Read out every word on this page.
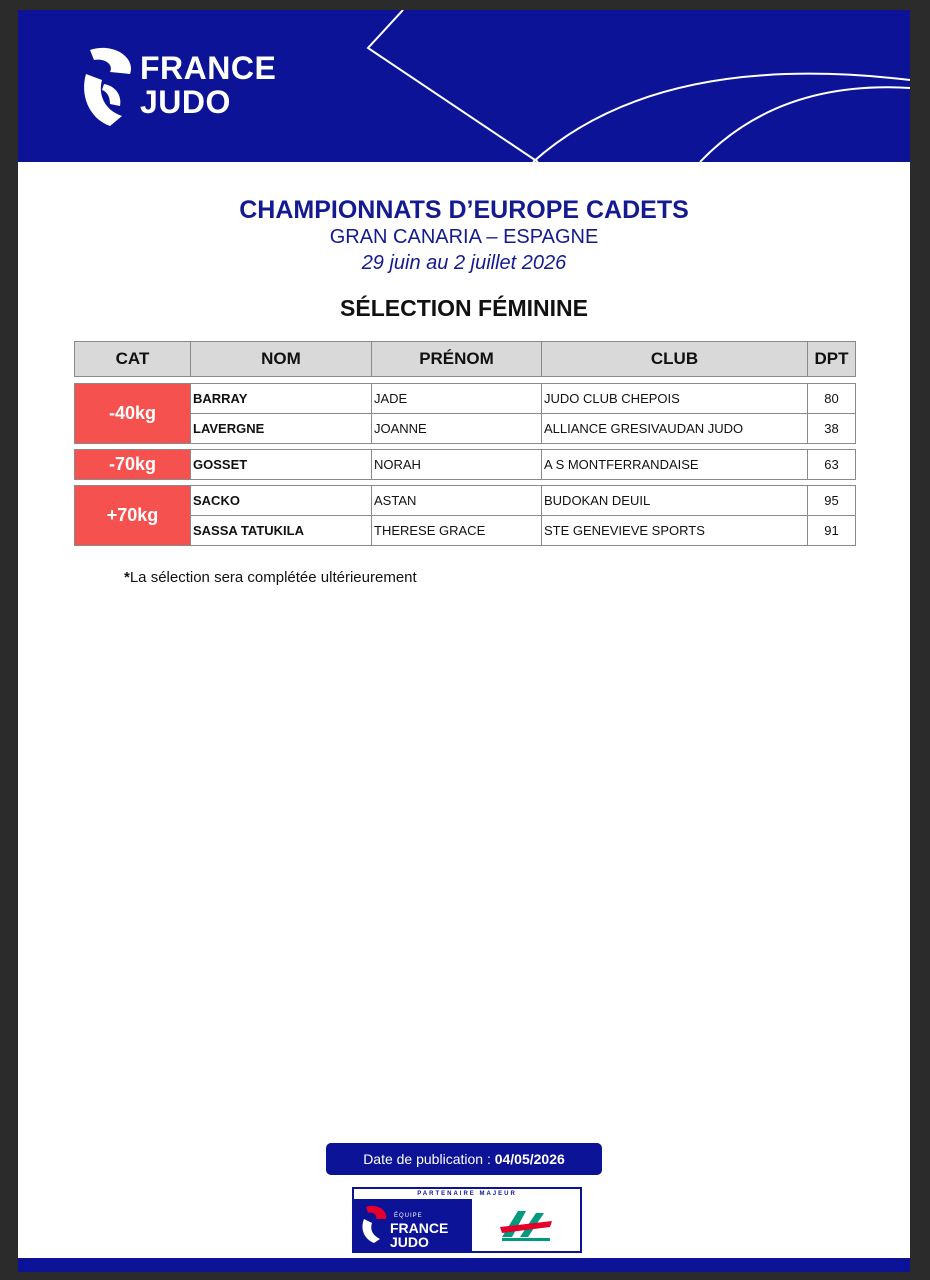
FRANCE
JUDO
CHAMPIONNATS D’EUROPE CADETS
GRAN CANARIA – ESPAGNE
29 juin au 2 juillet 2026
SÉLECTION FÉMININE
CAT	NOM	PRÉNOM	CLUB	DPT
-40kg	BARRAY	JADE	JUDO CLUB CHEPOIS	80
	LAVERGNE	JOANNE	ALLIANCE GRESIVAUDAN JUDO	38
-70kg	GOSSET	NORAH	A S MONTFERRANDAISE	63
+70kg	SACKO	ASTAN	BUDOKAN DEUIL	95
	SASSA TATUKILA	THERESE GRACE	STE GENEVIEVE SPORTS	91
*La sélection sera complétée ultérieurement
Date de publication : 04/05/2026
PARTENAIRE MAJEUR
ÉQUIPE
FRANCE
JUDO
